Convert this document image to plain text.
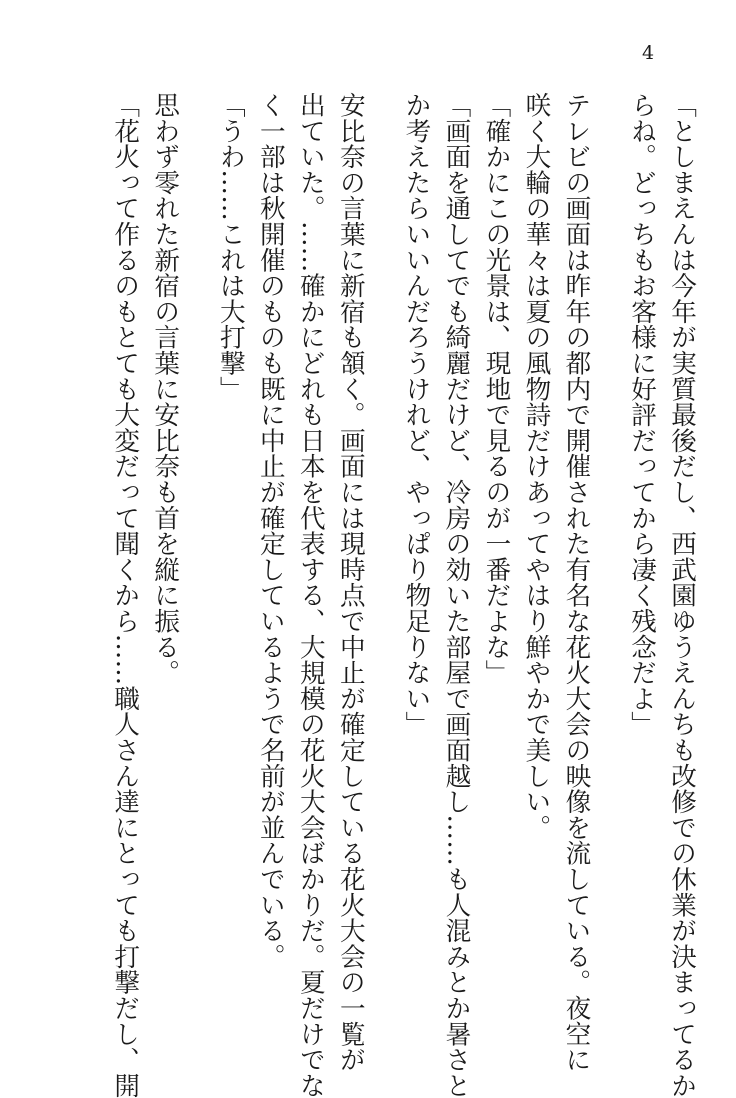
4
「としまえんは今年が実質最後だし、西武園ゆうえんちも改修での休業が決まってるか
らね。どっちもお客様に好評だってから凄く残念だよ」
テレビの画面は昨年の都内で開催された有名な花火大会の映像を流している。夜空に
咲く大輪の華々は夏の風物詩だけあってやはり鮮やかで美しい。
「確かにこの光景は、現地で見るのが一番だよな」
「画面を通してでも綺麗だけど、冷房の効いた部屋で画面越し……も人混みとか暑さと
か考えたらいいんだろうけれど、やっぱり物足りない」
安比奈の言葉に新宿も頷く。画面には現時点で中止が確定している花火大会の一覧が
出ていた。……確かにどれも日本を代表する、大規模の花火大会ばかりだ。夏だけでな
く一部は秋開催のものも既に中止が確定しているようで名前が並んでいる。
「うわ……これは大打撃」
思わず零れた新宿の言葉に安比奈も首を縦に振る。
「花火って作るのもとても大変だって聞くから……職人さん達にとっても打撃だし、開
